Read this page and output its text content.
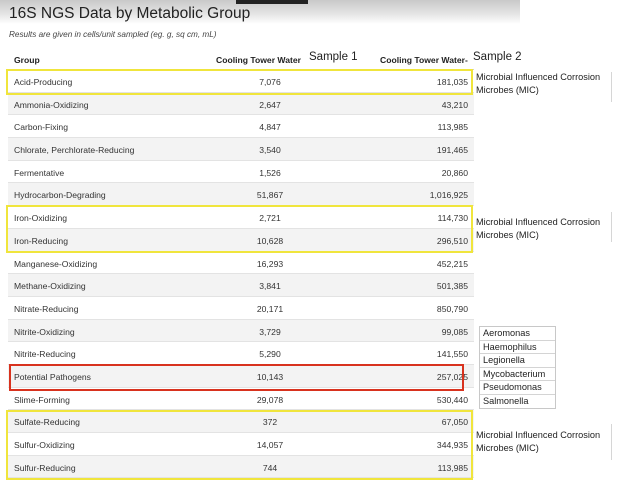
16S NGS Data by Metabolic Group
Results are given in cells/unit sampled (eg. g, sq cm, mL)
Group	Cooling Tower Water	Cooling Tower Water-
Sample 1	Sample 2
Acid-Producing	7,076	181,035
Ammonia-Oxidizing	2,647	43,210
Carbon-Fixing	4,847	113,985
Chlorate, Perchlorate-Reducing	3,540	191,465
Fermentative	1,526	20,860
Hydrocarbon-Degrading	51,867	1,016,925
Iron-Oxidizing	2,721	114,730
Iron-Reducing	10,628	296,510
Manganese-Oxidizing	16,293	452,215
Methane-Oxidizing	3,841	501,385
Nitrate-Reducing	20,171	850,790
Nitrite-Oxidizing	3,729	99,085
Nitrite-Reducing	5,290	141,550
Potential Pathogens	10,143	257,025
Slime-Forming	29,078	530,440
Sulfate-Reducing	372	67,050
Sulfur-Oxidizing	14,057	344,935
Sulfur-Reducing	744	113,985
Microbial Influenced Corrosion
Microbes (MIC)
Microbial Influenced Corrosion
Microbes (MIC)
Aeromonas
Haemophilus
Legionella
Mycobacterium
Pseudomonas
Salmonella
Microbial Influenced Corrosion
Microbes (MIC)
